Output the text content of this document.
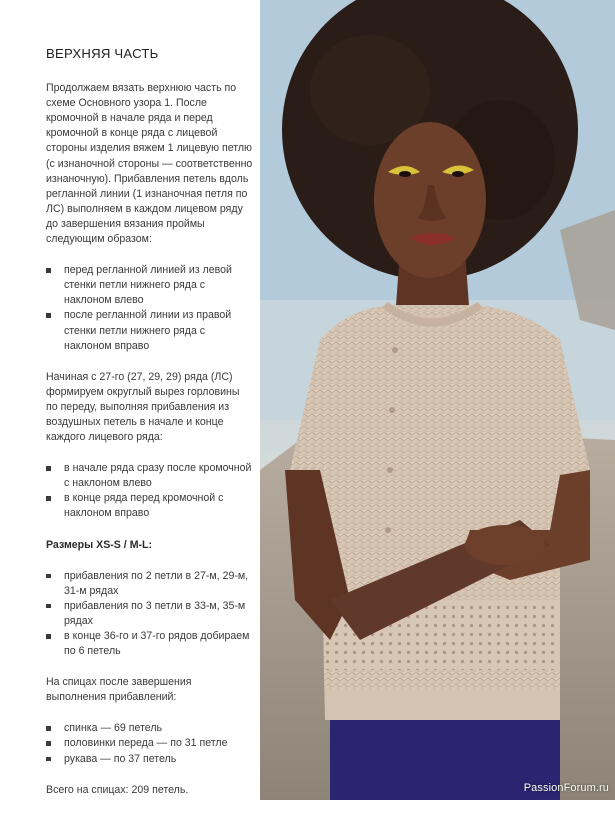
ВЕРХНЯЯ ЧАСТЬ

Продолжаем вязать верхнюю часть по схеме Основного узора 1. После кромочной в начале ряда и перед кромочной в конце ряда с лицевой стороны изделия вяжем 1 лицевую петлю (с изнаночной стороны — соответственно изнаночную). Прибавления петель вдоль регланной линии (1 изнаночная петля по ЛС) выполняем в каждом лицевом ряду до завершения вязания проймы следующим образом:

перед регланной линией из левой стенки петли нижнего ряда с наклоном влево
после регланной линии из правой стенки петли нижнего ряда с наклоном вправо

Начиная с 27-го (27, 29, 29) ряда (ЛС) формируем округлый вырез горловины по переду, выполняя прибавления из воздушных петель в начале и конце каждого лицевого ряда:

в начале ряда сразу после кромочной с наклоном влево
в конце ряда перед кромочной с наклоном вправо

Размеры XS-S / M-L:

прибавления по 2 петли в 27-м, 29-м, 31-м рядах
прибавления по 3 петли в 33-м, 35-м рядах
в конце 36-го и 37-го рядов добираем по 6 петель

На спицах после завершения выполнения прибавлений:

спинка — 69 петель
половинки переда — по 31 петле
рукава — по 37 петель

Всего на спицах: 209 петель.	PassionForum.ru
